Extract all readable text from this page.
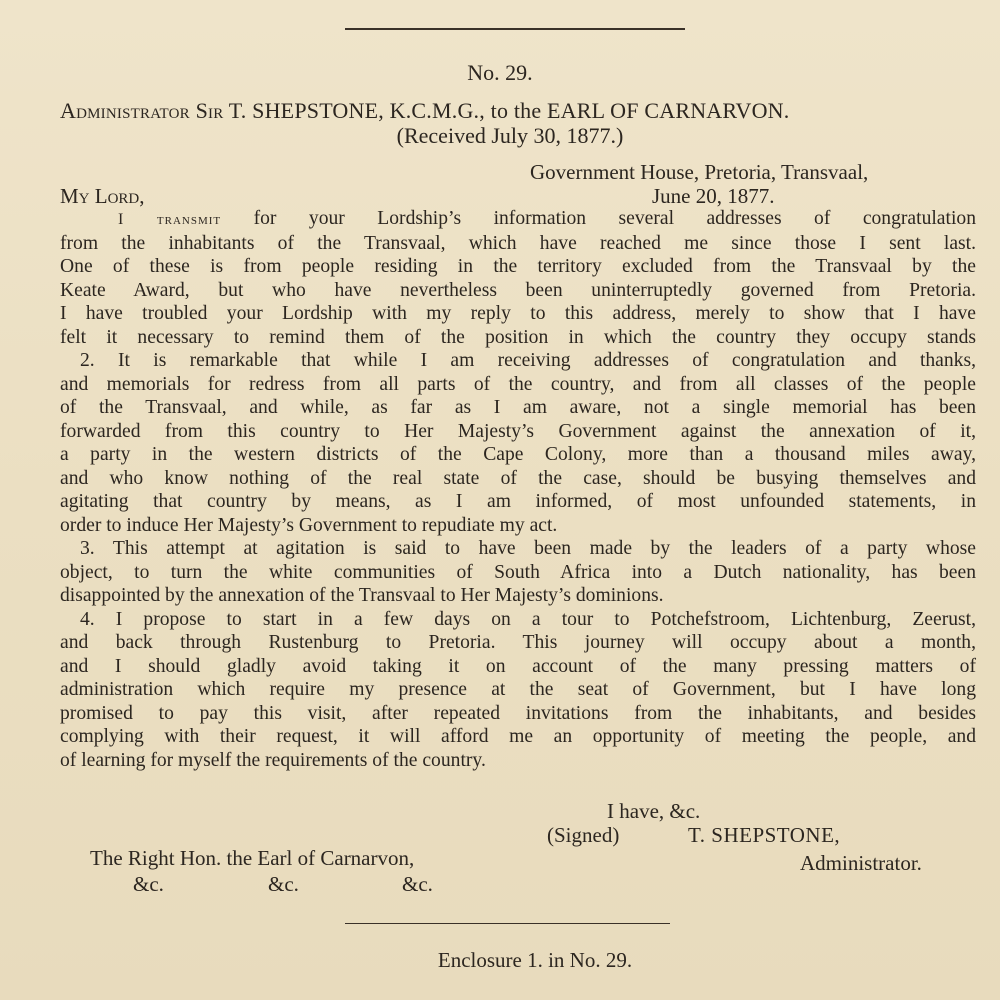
No. 29.
Administrator Sir T. SHEPSTONE, K.C.M.G., to the EARL OF CARNARVON.
(Received July 30, 1877.)
Government House, Pretoria, Transvaal,
My Lord,	June 20, 1877.
I transmit for your Lordship’s information several addresses of congratulation
from the inhabitants of the Transvaal, which have reached me since those I sent last.
One of these is from people residing in the territory excluded from the Transvaal by the
Keate Award, but who have nevertheless been uninterruptedly governed from Pretoria.
I have troubled your Lordship with my reply to this address, merely to show that I have
felt it necessary to remind them of the position in which the country they occupy stands
2. It is remarkable that while I am receiving addresses of congratulation and thanks,
and memorials for redress from all parts of the country, and from all classes of the people
of the Transvaal, and while, as far as I am aware, not a single memorial has been
forwarded from this country to Her Majesty’s Government against the annexation of it,
a party in the western districts of the Cape Colony, more than a thousand miles away,
and who know nothing of the real state of the case, should be busying themselves and
agitating that country by means, as I am informed, of most unfounded statements, in
order to induce Her Majesty’s Government to repudiate my act.
3. This attempt at agitation is said to have been made by the leaders of a party whose
object, to turn the white communities of South Africa into a Dutch nationality, has been
disappointed by the annexation of the Transvaal to Her Majesty’s dominions.
4. I propose to start in a few days on a tour to Potchefstroom, Lichtenburg, Zeerust,
and back through Rustenburg to Pretoria. This journey will occupy about a month,
and I should gladly avoid taking it on account of the many pressing matters of
administration which require my presence at the seat of Government, but I have long
promised to pay this visit, after repeated invitations from the inhabitants, and besides
complying with their request, it will afford me an opportunity of meeting the people, and
of learning for myself the requirements of the country.
I have, &c.
(Signed)	T. SHEPSTONE,
The Right Hon. the Earl of Carnarvon,	Administrator.
&c.	&c.	&c.
Enclosure 1. in No. 29.
